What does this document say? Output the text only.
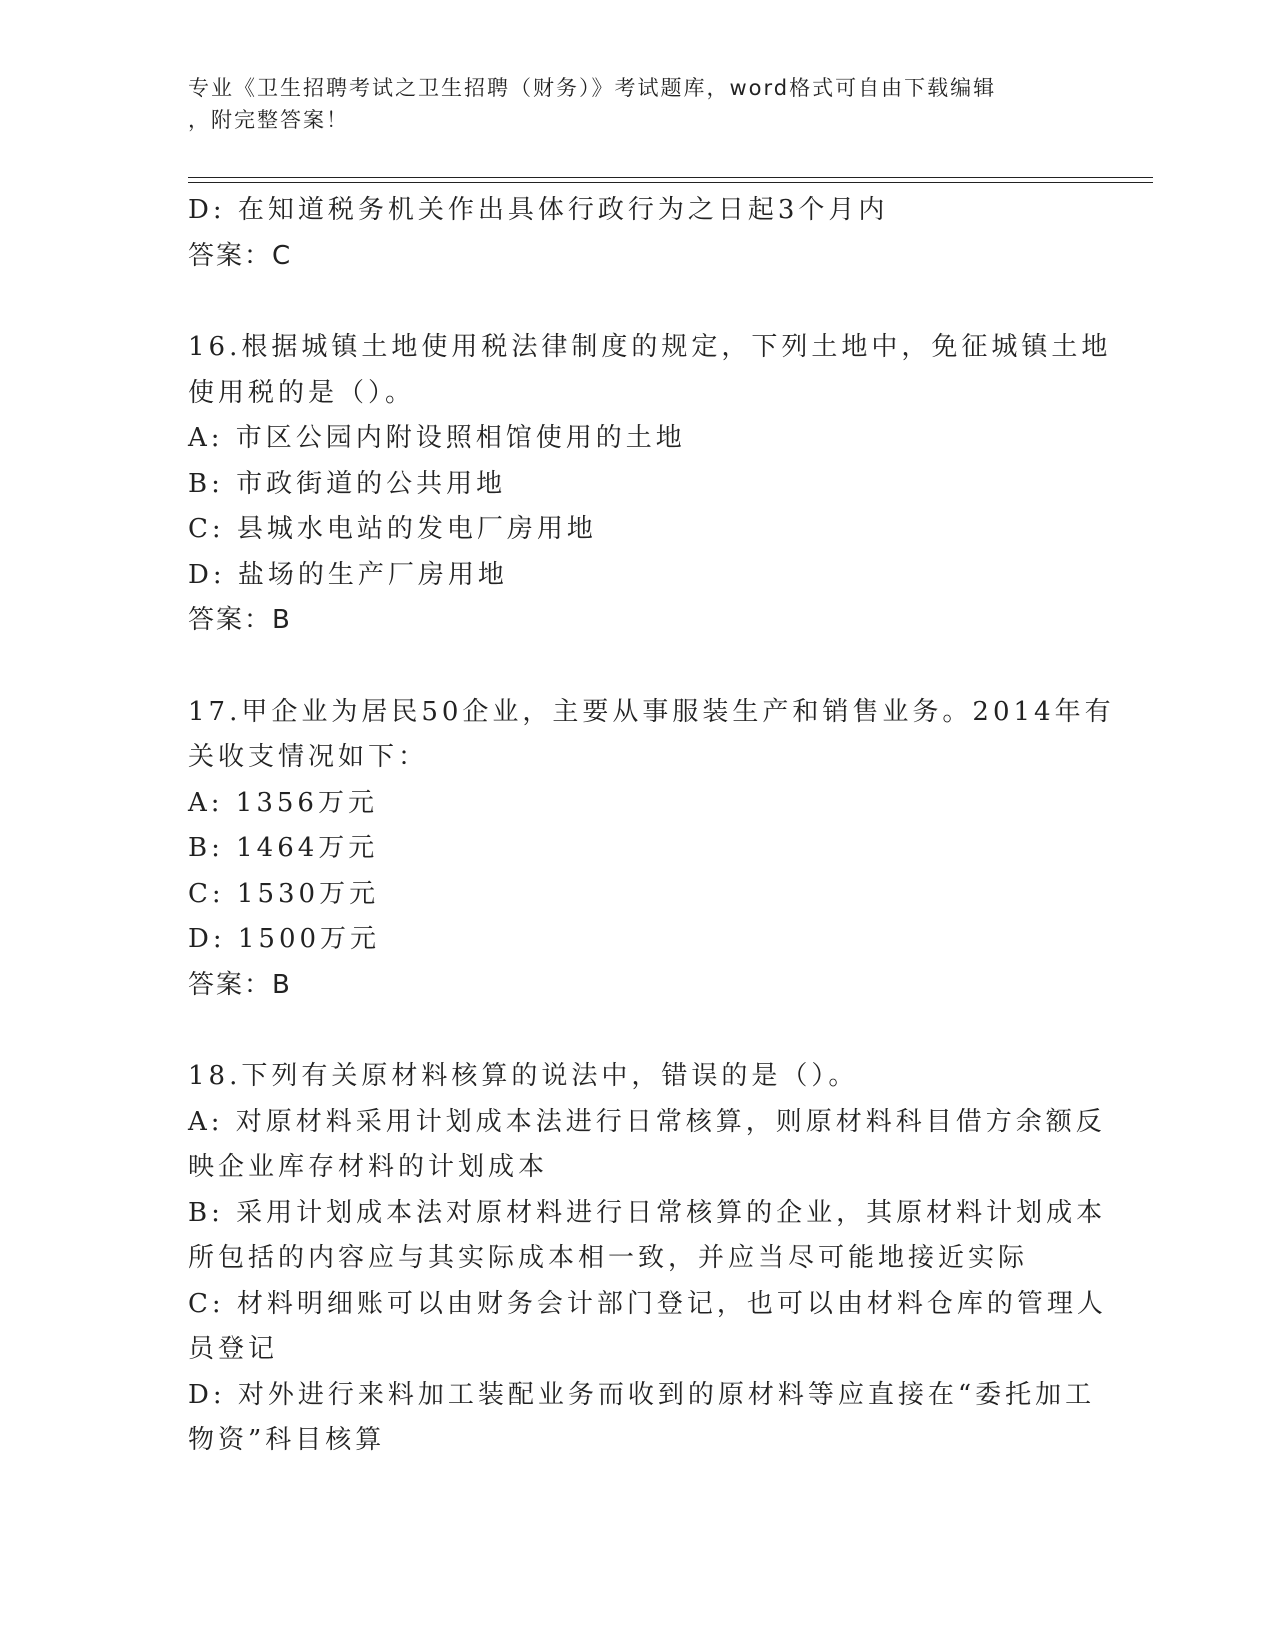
专业《卫生招聘考试之卫生招聘（财务）》考试题库，word格式可自由下载编辑
，附完整答案！
D: 在知道税务机关作出具体行政行为之日起3个月内
答案：C
16.根据城镇土地使用税法律制度的规定，下列土地中，免征城镇土地
使用税的是（）。
A: 市区公园内附设照相馆使用的土地
B: 市政街道的公共用地
C: 县城水电站的发电厂房用地
D: 盐场的生产厂房用地
答案：B
17.甲企业为居民50企业，主要从事服装生产和销售业务。2014年有
关收支情况如下：
A: 1356万元
B: 1464万元
C: 1530万元
D: 1500万元
答案：B
18.下列有关原材料核算的说法中，错误的是（）。
A: 对原材料采用计划成本法进行日常核算，则原材料科目借方余额反
映企业库存材料的计划成本
B: 采用计划成本法对原材料进行日常核算的企业，其原材料计划成本
所包括的内容应与其实际成本相一致，并应当尽可能地接近实际
C: 材料明细账可以由财务会计部门登记，也可以由材料仓库的管理人
员登记
D: 对外进行来料加工装配业务而收到的原材料等应直接在“委托加工
物资”科目核算
